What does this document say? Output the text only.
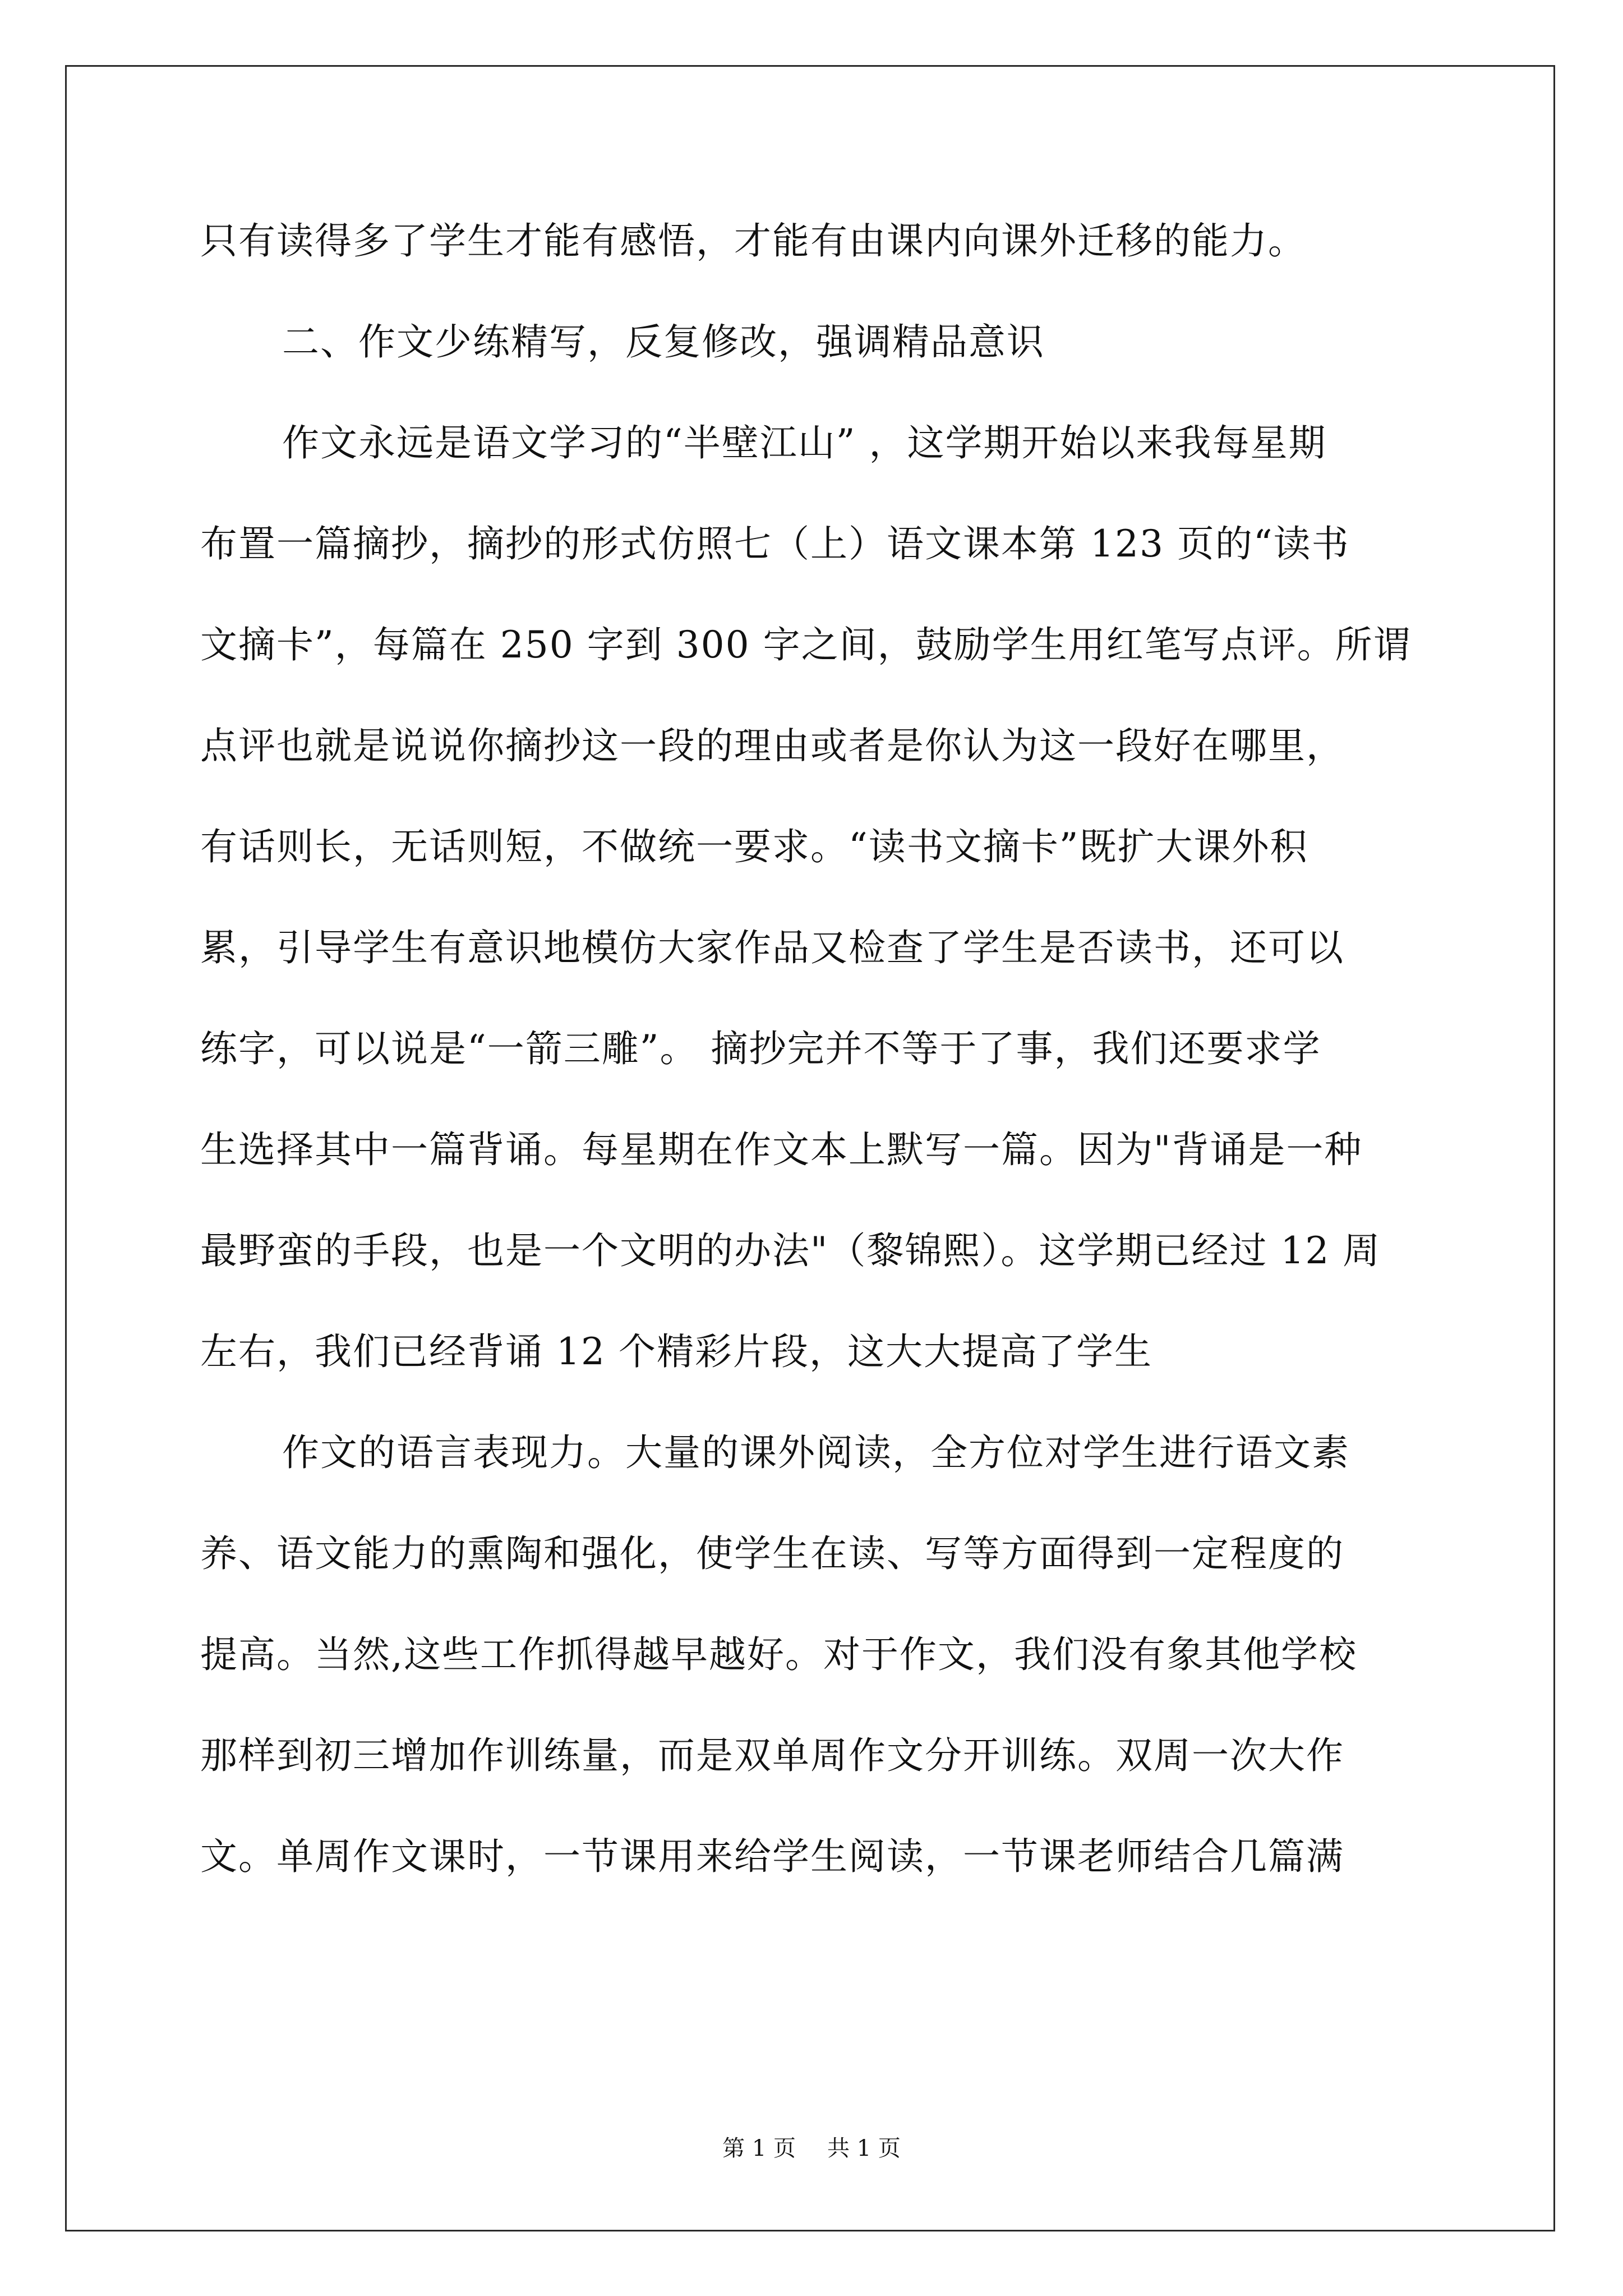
只有读得多了学生才能有感悟，才能有由课内向课外迁移的能力。
二、作文少练精写，反复修改，强调精品意识
作文永远是语文学习的“半壁江山” ，这学期开始以来我每星期
布置一篇摘抄，摘抄的形式仿照七（上）语文课本第 123 页的“读书
文摘卡”，每篇在 250 字到 300 字之间，鼓励学生用红笔写点评。所谓
点评也就是说说你摘抄这一段的理由或者是你认为这一段好在哪里，
有话则长，无话则短，不做统一要求。“读书文摘卡”既扩大课外积
累，引导学生有意识地模仿大家作品又检查了学生是否读书，还可以
练字，可以说是“一箭三雕”。 摘抄完并不等于了事，我们还要求学
生选择其中一篇背诵。每星期在作文本上默写一篇。因为"背诵是一种
最野蛮的手段，也是一个文明的办法"（黎锦熙）。这学期已经过 12 周
左右，我们已经背诵 12 个精彩片段，这大大提高了学生
作文的语言表现力。大量的课外阅读，全方位对学生进行语文素
养、语文能力的熏陶和强化，使学生在读、写等方面得到一定程度的
提高。当然,这些工作抓得越早越好。对于作文，我们没有象其他学校
那样到初三增加作训练量，而是双单周作文分开训练。双周一次大作
文。单周作文课时，一节课用来给学生阅读，一节课老师结合几篇满
第 1 页 共 1 页
